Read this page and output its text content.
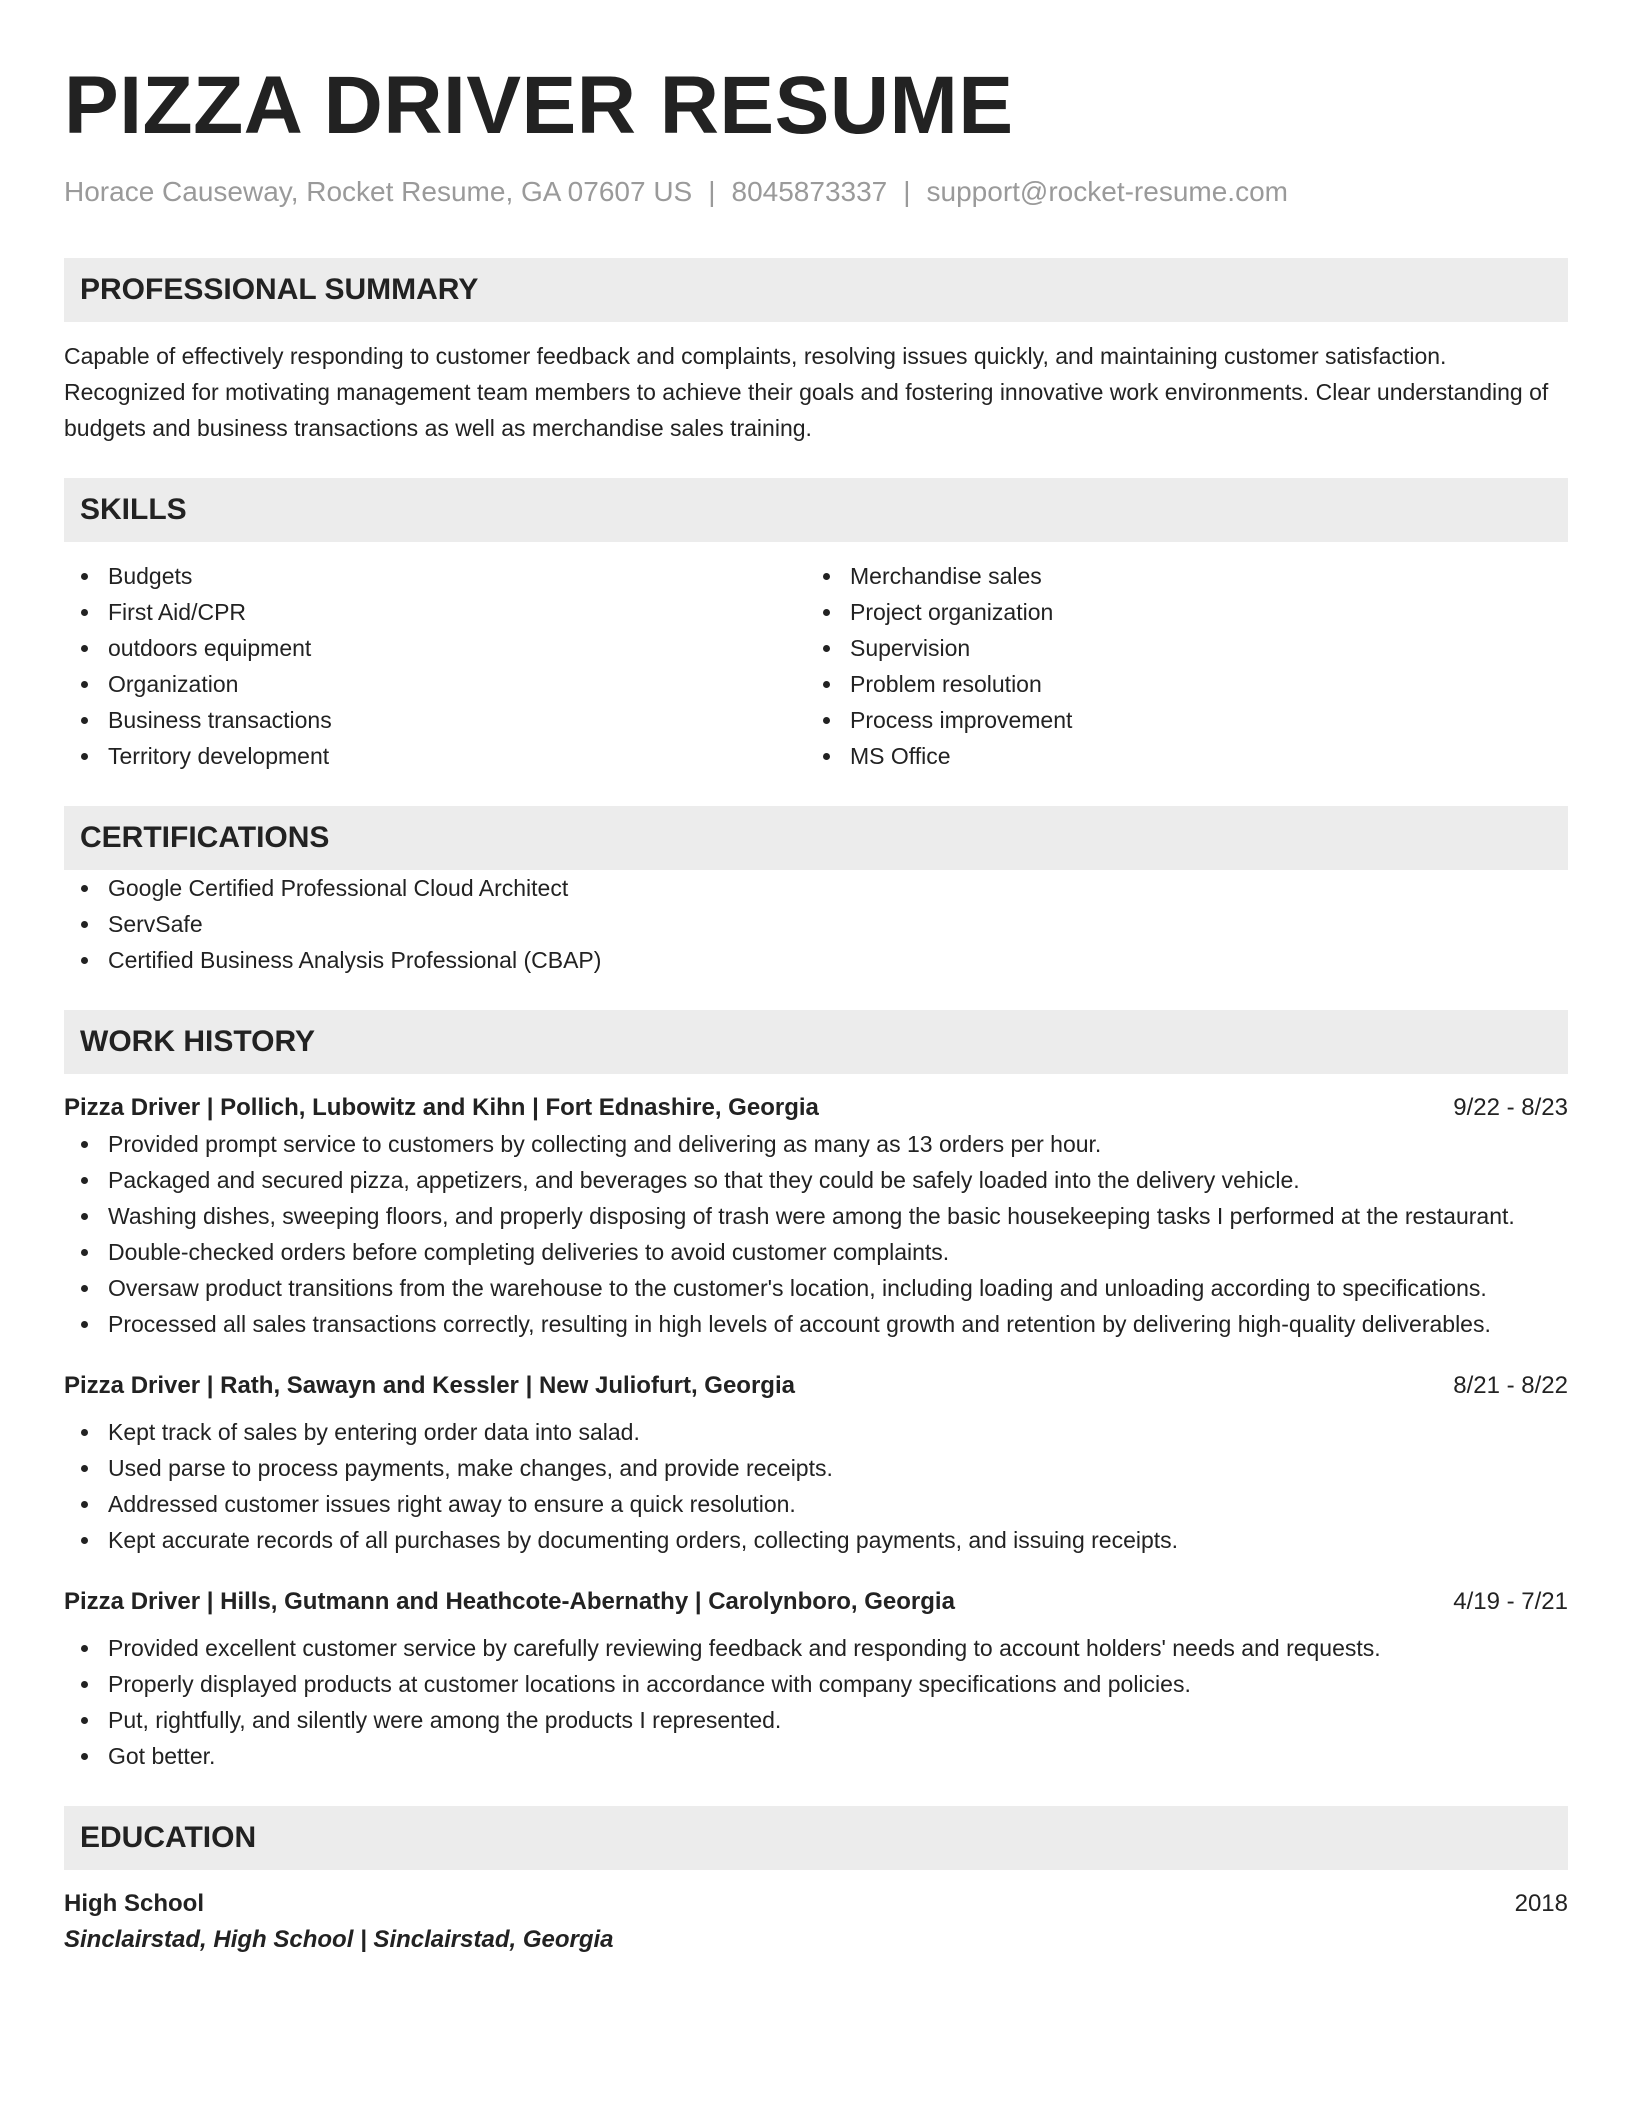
PIZZA DRIVER RESUME
Horace Causeway, Rocket Resume, GA 07607 US | 8045873337 | support@rocket-resume.com
PROFESSIONAL SUMMARY
Capable of effectively responding to customer feedback and complaints, resolving issues quickly, and maintaining customer satisfaction. Recognized for motivating management team members to achieve their goals and fostering innovative work environments. Clear understanding of budgets and business transactions as well as merchandise sales training.
SKILLS
Budgets
First Aid/CPR
outdoors equipment
Organization
Business transactions
Territory development
Merchandise sales
Project organization
Supervision
Problem resolution
Process improvement
MS Office
CERTIFICATIONS
Google Certified Professional Cloud Architect
ServSafe
Certified Business Analysis Professional (CBAP)
WORK HISTORY
Pizza Driver | Pollich, Lubowitz and Kihn | Fort Ednashire, Georgia	9/22 - 8/23
Provided prompt service to customers by collecting and delivering as many as 13 orders per hour.
Packaged and secured pizza, appetizers, and beverages so that they could be safely loaded into the delivery vehicle.
Washing dishes, sweeping floors, and properly disposing of trash were among the basic housekeeping tasks I performed at the restaurant.
Double-checked orders before completing deliveries to avoid customer complaints.
Oversaw product transitions from the warehouse to the customer's location, including loading and unloading according to specifications.
Processed all sales transactions correctly, resulting in high levels of account growth and retention by delivering high-quality deliverables.
Pizza Driver | Rath, Sawayn and Kessler | New Juliofurt, Georgia	8/21 - 8/22
Kept track of sales by entering order data into salad.
Used parse to process payments, make changes, and provide receipts.
Addressed customer issues right away to ensure a quick resolution.
Kept accurate records of all purchases by documenting orders, collecting payments, and issuing receipts.
Pizza Driver | Hills, Gutmann and Heathcote-Abernathy | Carolynboro, Georgia	4/19 - 7/21
Provided excellent customer service by carefully reviewing feedback and responding to account holders' needs and requests.
Properly displayed products at customer locations in accordance with company specifications and policies.
Put, rightfully, and silently were among the products I represented.
Got better.
EDUCATION
High School	2018
Sinclairstad, High School | Sinclairstad, Georgia
